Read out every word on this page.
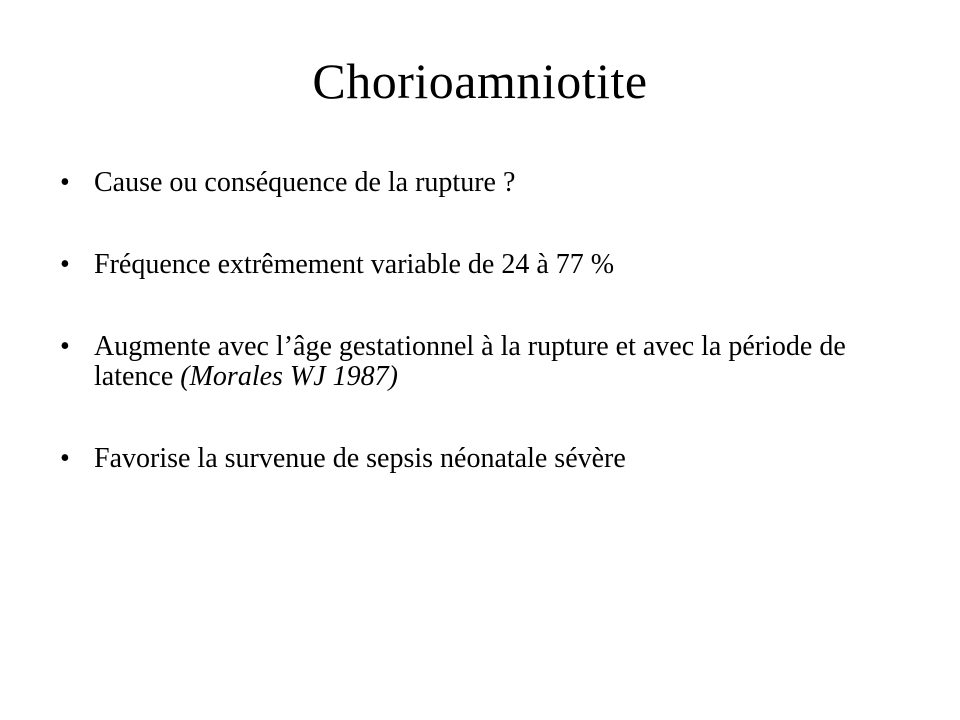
Chorioamniotite
• Cause ou conséquence de la rupture ?
• Fréquence extrêmement variable de 24 à 77 %
• Augmente avec l’âge gestationnel à la rupture et avec la période de latence (Morales WJ 1987)
• Favorise la survenue de sepsis néonatale sévère
